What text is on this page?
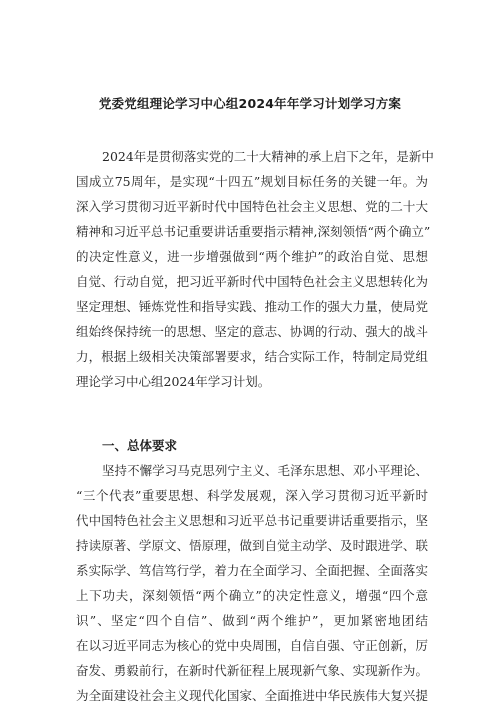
党委党组理论学习中心组2024年年学习计划学习方案
2024年是贯彻落实党的二十大精神的承上启下之年，是新中
国成立75周年，是实现“十四五”规划目标任务的关键一年。为
深入学习贯彻习近平新时代中国特色社会主义思想、党的二十大
精神和习近平总书记重要讲话重要指示精神,深刻领悟“两个确立”
的决定性意义，进一步增强做到“两个维护”的政治自觉、思想
自觉、行动自觉，把习近平新时代中国特色社会主义思想转化为
坚定理想、锤炼党性和指导实践、推动工作的强大力量，使局党
组始终保持统一的思想、坚定的意志、协调的行动、强大的战斗
力，根据上级相关决策部署要求，结合实际工作，特制定局党组
理论学习中心组2024年学习计划。
一、总体要求
坚持不懈学习马克思列宁主义、毛泽东思想、邓小平理论、
“三个代表”重要思想、科学发展观，深入学习贯彻习近平新时
代中国特色社会主义思想和习近平总书记重要讲话重要指示，坚
持读原著、学原文、悟原理，做到自觉主动学、及时跟进学、联
系实际学、笃信笃行学，着力在全面学习、全面把握、全面落实
上下功夫，深刻领悟“两个确立”的决定性意义，增强“四个意
识”、坚定“四个自信”、做到“两个维护”，更加紧密地团结
在以习近平同志为核心的党中央周围，自信自强、守正创新，厉
奋发、勇毅前行，在新时代新征程上展现新气象、实现新作为。
为全面建设社会主义现代化国家、全面推进中华民族伟大复兴提
